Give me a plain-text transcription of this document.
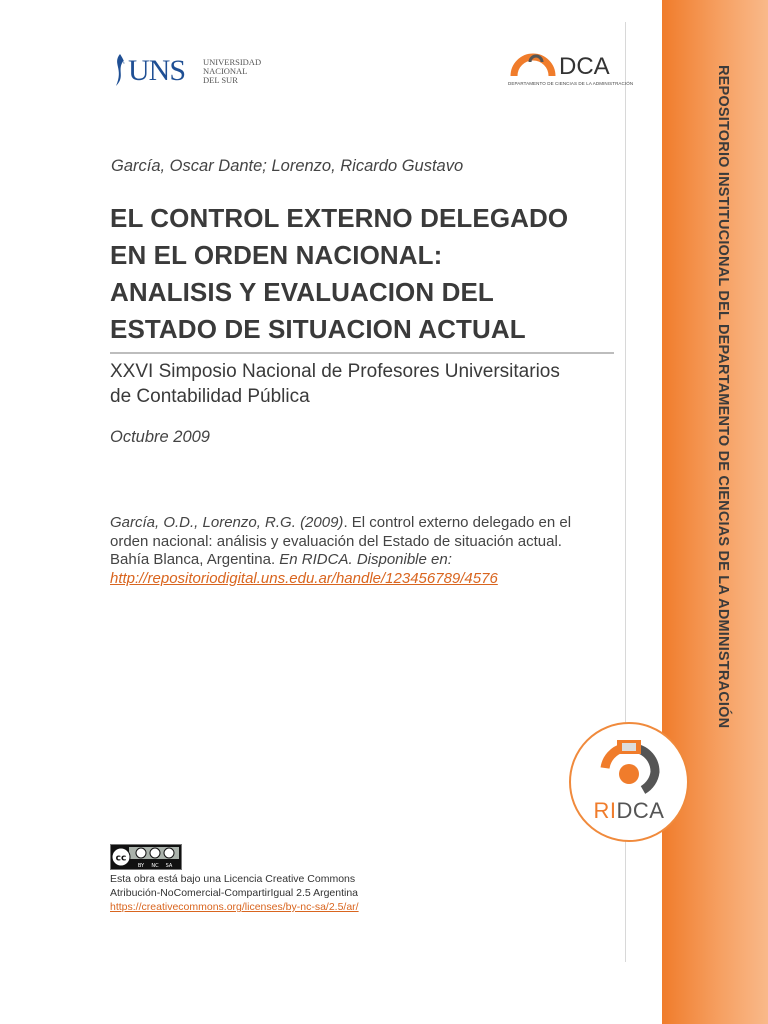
REPOSITORIO INSTITUCIONAL DEL DEPARTAMENTO DE CIENCIAS DE LA ADMINISTRACIÓN
UNS UNIVERSIDAD
NACIONAL
DEL SUR	DCA
DEPARTAMENTO DE CIENCIAS DE LA ADMINISTRACIÓN
García, Oscar Dante; Lorenzo, Ricardo Gustavo
EL CONTROL EXTERNO DELEGADO
EN EL ORDEN NACIONAL:
ANALISIS Y EVALUACION DEL
ESTADO DE SITUACION ACTUAL
XXVI Simposio Nacional de Profesores Universitarios
de Contabilidad Pública
Octubre 2009
García, O.D., Lorenzo, R.G. (2009). El control externo delegado en el
orden nacional: análisis y evaluación del Estado de situación actual.
Bahía Blanca, Argentina. En RIDCA. Disponible en:
http://repositoriodigital.uns.edu.ar/handle/123456789/4576
RIDCA
cc
BY NC SA
Esta obra está bajo una Licencia Creative Commons
Atribución-NoComercial-CompartirIgual 2.5 Argentina
https://creativecommons.org/licenses/by-nc-sa/2.5/ar/
